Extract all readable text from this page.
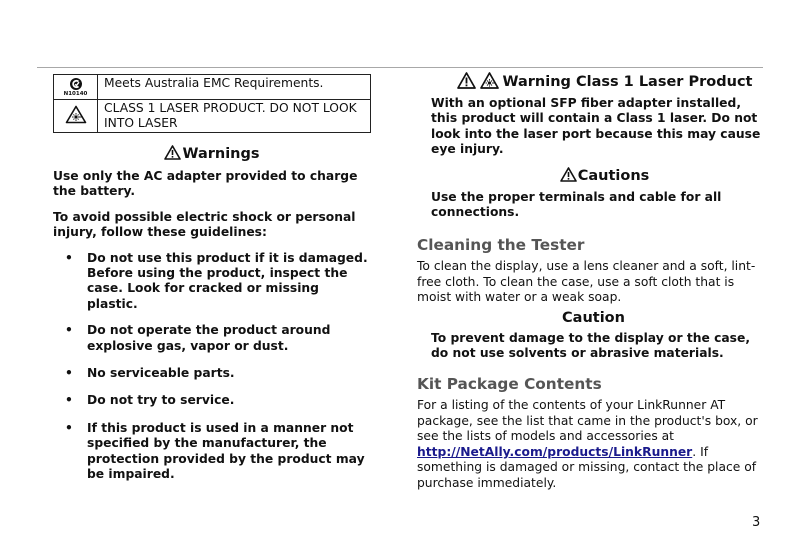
N10140	Meets Australia EMC Requirements.
	CLASS 1 LASER PRODUCT. DO NOT LOOK INTO LASER
Warnings

Use only the AC adapter provided to charge the battery.

To avoid possible electric shock or personal injury, follow these guidelines:

• Do not use this product if it is damaged. Before using the product, inspect the case. Look for cracked or missing plastic.
• Do not operate the product around explosive gas, vapor or dust.
• No serviceable parts.
• Do not try to service.
• If this product is used in a manner not specified by the manufacturer, the protection provided by the product may be impaired.
Warning Class 1 Laser Product

With an optional SFP fiber adapter installed, this product will contain a Class 1 laser. Do not look into the laser port because this may cause eye injury.

Cautions

Use the proper terminals and cable for all connections.

Cleaning the Tester

To clean the display, use a lens cleaner and a soft, lint-free cloth. To clean the case, use a soft cloth that is moist with water or a weak soap.

Caution

To prevent damage to the display or the case, do not use solvents or abrasive materials.

Kit Package Contents

For a listing of the contents of your LinkRunner AT package, see the list that came in the product's box, or see the lists of models and accessories at http://NetAlly.com/products/LinkRunner. If something is damaged or missing, contact the place of purchase immediately.

3
